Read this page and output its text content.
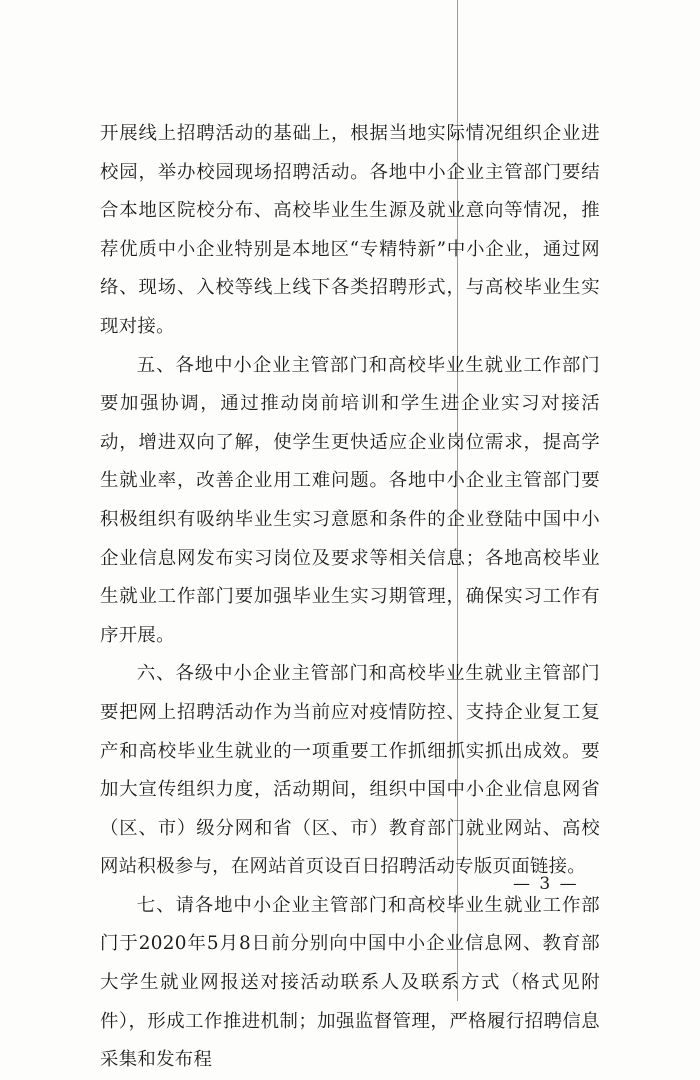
开展线上招聘活动的基础上，根据当地实际情况组织企业进校园，举办校园现场招聘活动。各地中小企业主管部门要结合本地区院校分布、高校毕业生生源及就业意向等情况，推荐优质中小企业特别是本地区“专精特新”中小企业，通过网络、现场、入校等线上线下各类招聘形式，与高校毕业生实现对接。

五、各地中小企业主管部门和高校毕业生就业工作部门要加强协调，通过推动岗前培训和学生进企业实习对接活动，增进双向了解，使学生更快适应企业岗位需求，提高学生就业率，改善企业用工难问题。各地中小企业主管部门要积极组织有吸纳毕业生实习意愿和条件的企业登陆中国中小企业信息网发布实习岗位及要求等相关信息；各地高校毕业生就业工作部门要加强毕业生实习期管理，确保实习工作有序开展。

六、各级中小企业主管部门和高校毕业生就业主管部门要把网上招聘活动作为当前应对疫情防控、支持企业复工复产和高校毕业生就业的一项重要工作抓细抓实抓出成效。要加大宣传组织力度，活动期间，组织中国中小企业信息网省（区、市）级分网和省（区、市）教育部门就业网站、高校网站积极参与，在网站首页设百日招聘活动专版页面链接。

七、请各地中小企业主管部门和高校毕业生就业工作部门于2020年5月8日前分别向中国中小企业信息网、教育部大学生就业网报送对接活动联系人及联系方式（格式见附件），形成工作推进机制；加强监督管理，严格履行招聘信息采集和发布程

— 3 —
